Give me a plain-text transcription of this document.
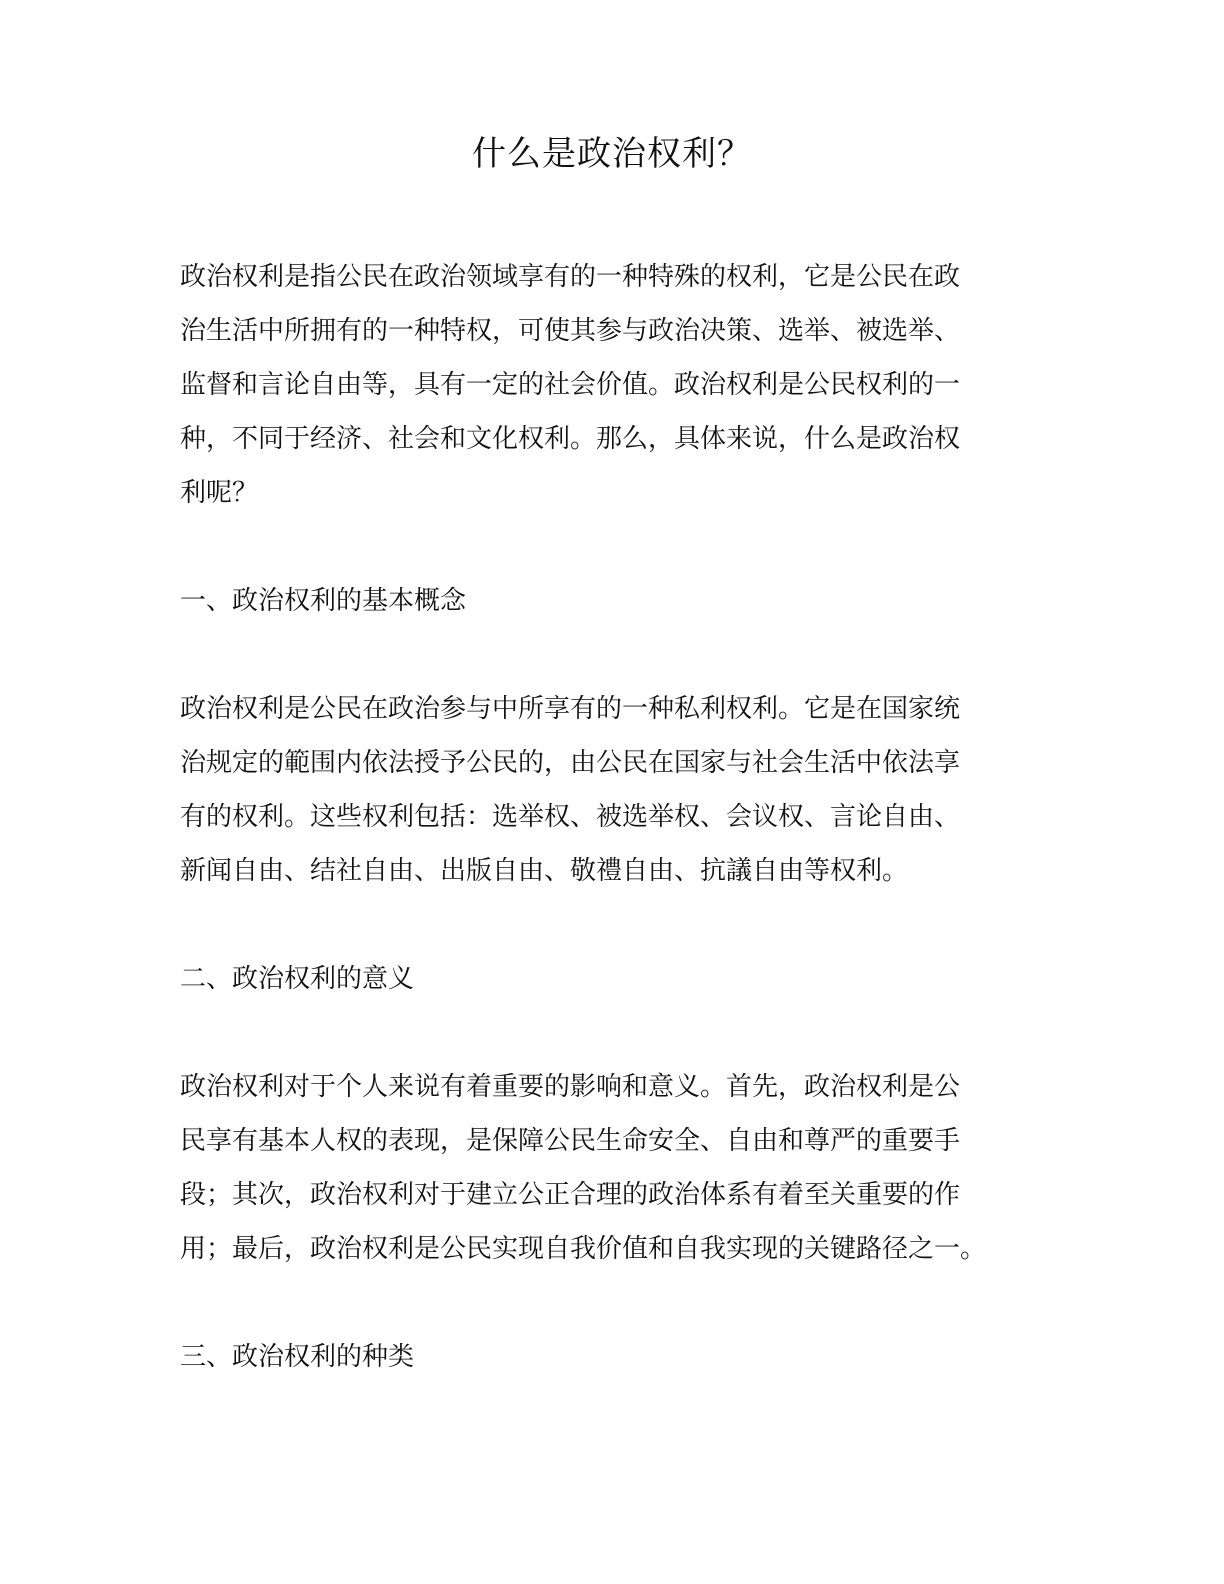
什么是政治权利？

政治权利是指公民在政治领域享有的一种特殊的权利，它是公民在政
治生活中所拥有的一种特权，可使其参与政治决策、选举、被选举、
监督和言论自由等，具有一定的社会价值。政治权利是公民权利的一
种，不同于经济、社会和文化权利。那么，具体来说，什么是政治权
利呢？

一、政治权利的基本概念

政治权利是公民在政治参与中所享有的一种私利权利。它是在国家统
治规定的範围内依法授予公民的，由公民在国家与社会生活中依法享
有的权利。这些权利包括：选举权、被选举权、会议权、言论自由、
新闻自由、结社自由、出版自由、敬禮自由、抗議自由等权利。

二、政治权利的意义

政治权利对于个人来说有着重要的影响和意义。首先，政治权利是公
民享有基本人权的表现，是保障公民生命安全、自由和尊严的重要手
段；其次，政治权利对于建立公正合理的政治体系有着至关重要的作
用；最后，政治权利是公民实现自我价值和自我实现的关键路径之一。

三、政治权利的种类
